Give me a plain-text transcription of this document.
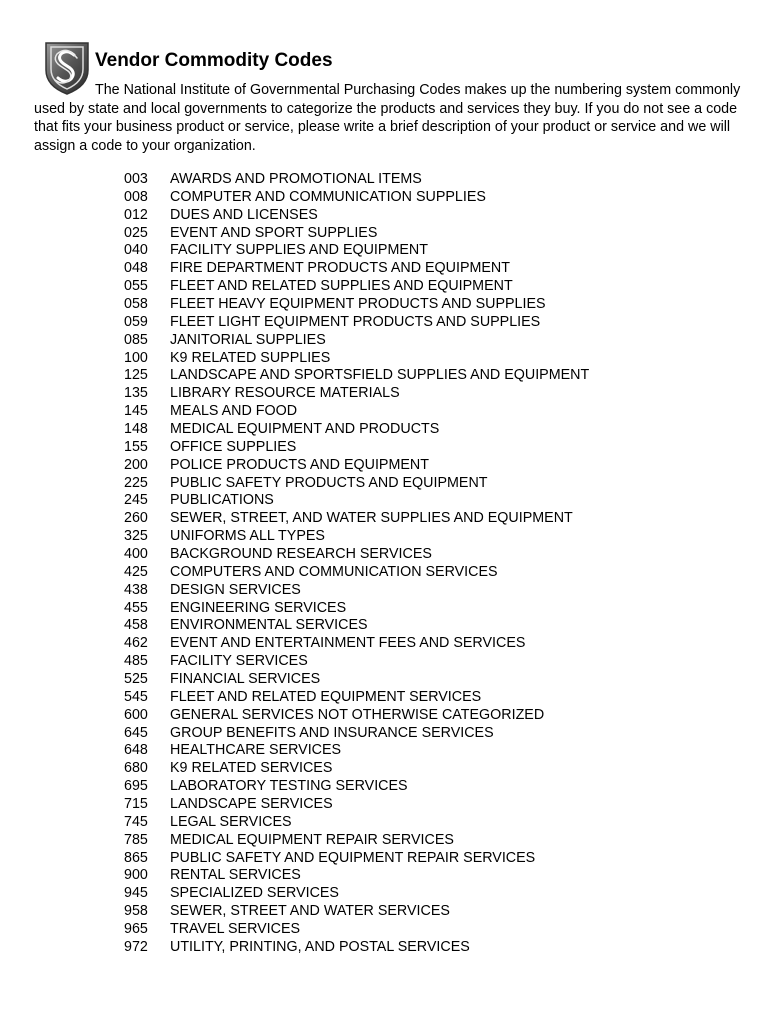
Vendor Commodity Codes

The National Institute of Governmental Purchasing Codes makes up the numbering system commonly used by state and local governments to categorize the products and services they buy. If you do not see a code that fits your business product or service, please write a brief description of your product or service and we will assign a code to your organization.

003	AWARDS AND PROMOTIONAL ITEMS
008	COMPUTER AND COMMUNICATION SUPPLIES
012	DUES AND LICENSES
025	EVENT AND SPORT SUPPLIES
040	FACILITY SUPPLIES AND EQUIPMENT
048	FIRE DEPARTMENT PRODUCTS AND EQUIPMENT
055	FLEET AND RELATED SUPPLIES AND EQUIPMENT
058	FLEET HEAVY EQUIPMENT PRODUCTS AND SUPPLIES
059	FLEET LIGHT EQUIPMENT PRODUCTS AND SUPPLIES
085	JANITORIAL SUPPLIES
100	K9 RELATED SUPPLIES
125	LANDSCAPE AND SPORTSFIELD SUPPLIES AND EQUIPMENT
135	LIBRARY RESOURCE MATERIALS
145	MEALS AND FOOD
148	MEDICAL EQUIPMENT AND PRODUCTS
155	OFFICE SUPPLIES
200	POLICE PRODUCTS AND EQUIPMENT
225	PUBLIC SAFETY PRODUCTS AND EQUIPMENT
245	PUBLICATIONS
260	SEWER, STREET, AND WATER SUPPLIES AND EQUIPMENT
325	UNIFORMS ALL TYPES
400	BACKGROUND RESEARCH SERVICES
425	COMPUTERS AND COMMUNICATION SERVICES
438	DESIGN SERVICES
455	ENGINEERING SERVICES
458	ENVIRONMENTAL SERVICES
462	EVENT AND ENTERTAINMENT FEES AND SERVICES
485	FACILITY SERVICES
525	FINANCIAL SERVICES
545	FLEET AND RELATED EQUIPMENT SERVICES
600	GENERAL SERVICES NOT OTHERWISE CATEGORIZED
645	GROUP BENEFITS AND INSURANCE SERVICES
648	HEALTHCARE SERVICES
680	K9 RELATED SERVICES
695	LABORATORY TESTING SERVICES
715	LANDSCAPE SERVICES
745	LEGAL SERVICES
785	MEDICAL EQUIPMENT REPAIR SERVICES
865	PUBLIC SAFETY AND EQUIPMENT REPAIR SERVICES
900	RENTAL SERVICES
945	SPECIALIZED SERVICES
958	SEWER, STREET AND WATER SERVICES
965	TRAVEL SERVICES
972	UTILITY, PRINTING, AND POSTAL SERVICES
